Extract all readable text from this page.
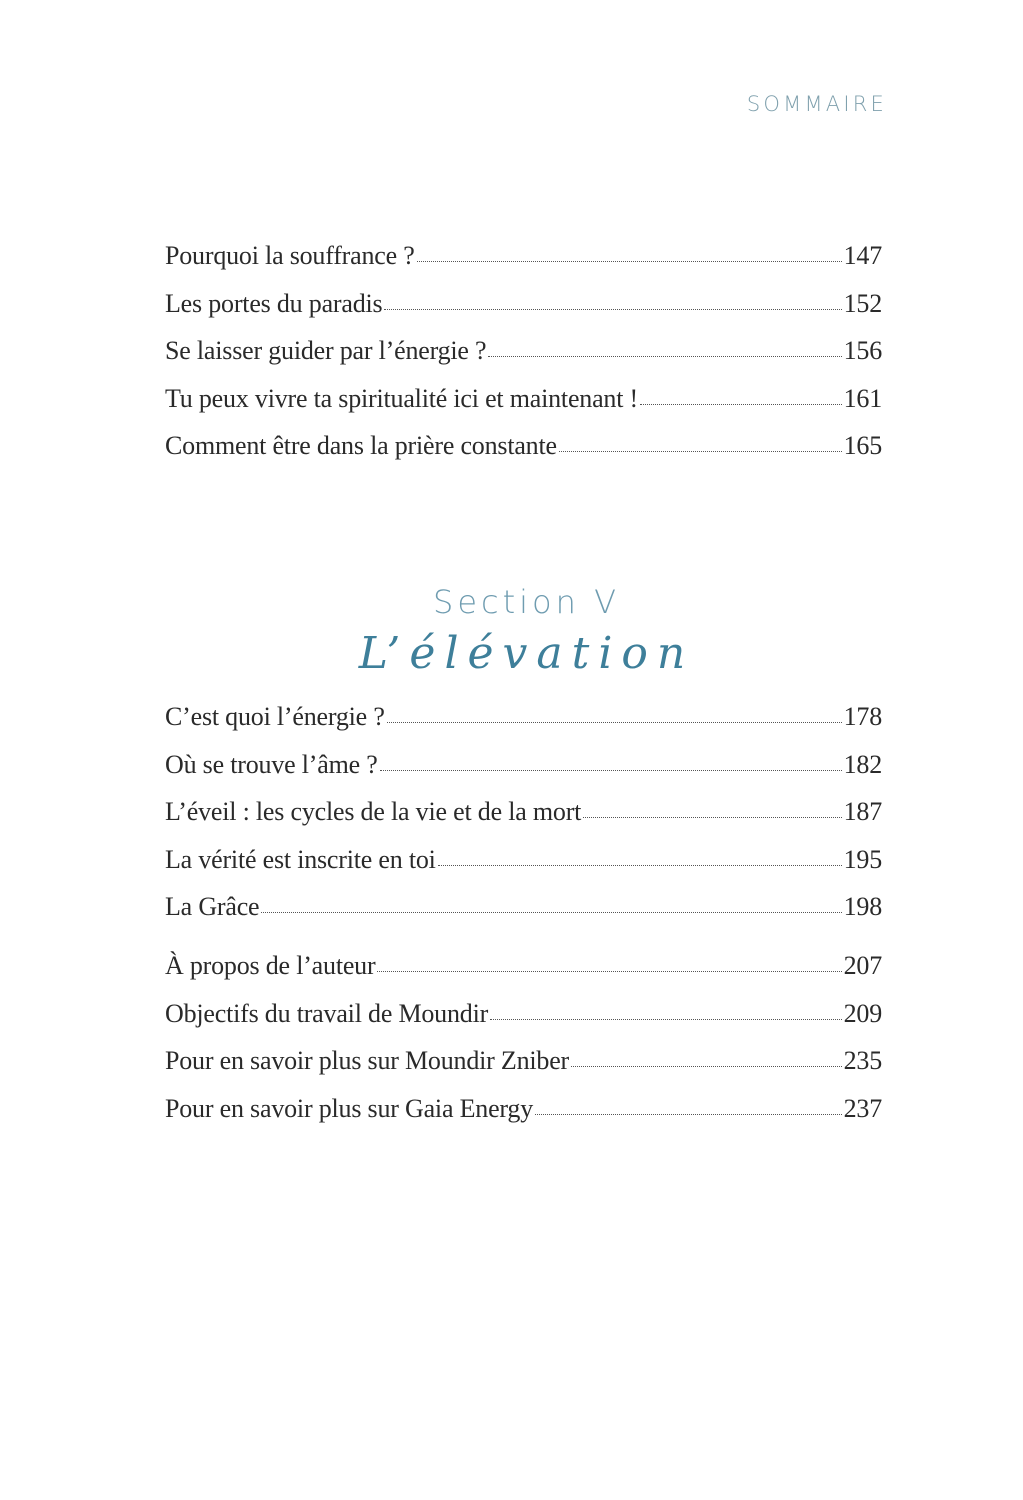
SOMMAIRE
Pourquoi la souffrance ?	147
Les portes du paradis	152
Se laisser guider par l’énergie ?	156
Tu peux vivre ta spiritualité ici et maintenant !	161
Comment être dans la prière constante	165
Section V
L’élévation
C’est quoi l’énergie ?	178
Où se trouve l’âme ?	182
L’éveil : les cycles de la vie et de la mort	187
La vérité est inscrite en toi	195
La Grâce	198
À propos de l’auteur	207
Objectifs du travail de Moundir	209
Pour en savoir plus sur Moundir Zniber	235
Pour en savoir plus sur Gaia Energy	237
